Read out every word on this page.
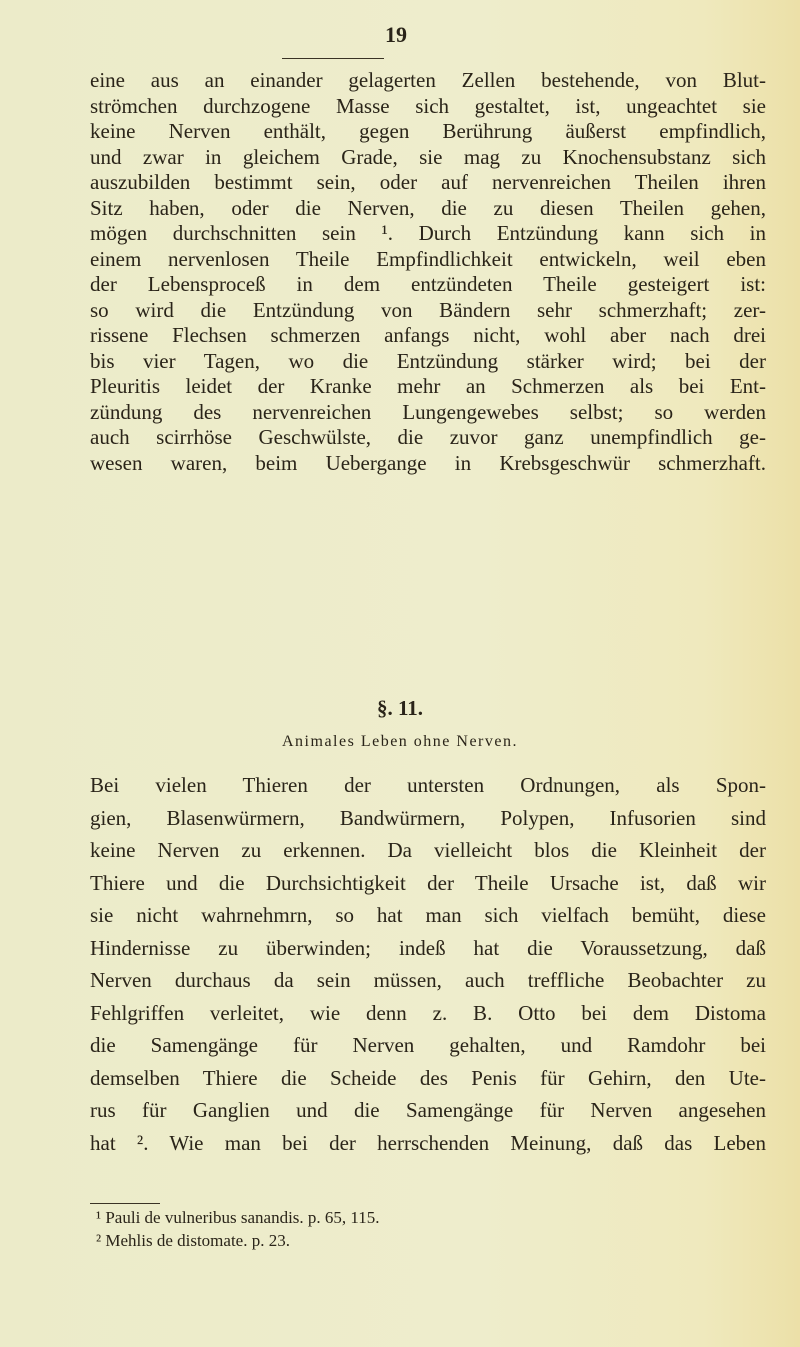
19
eine aus an einander gelagerten Zellen bestehende, von Blut-
strömchen durchzogene Masse sich gestaltet, ist, ungeachtet sie
keine Nerven enthält, gegen Berührung äußerst empfindlich,
und zwar in gleichem Grade, sie mag zu Knochensubstanz sich
auszubilden bestimmt sein, oder auf nervenreichen Theilen ihren
Sitz haben, oder die Nerven, die zu diesen Theilen gehen,
mögen durchschnitten sein ¹. Durch Entzündung kann sich in
einem nervenlosen Theile Empfindlichkeit entwickeln, weil eben
der Lebensproceß in dem entzündeten Theile gesteigert ist:
so wird die Entzündung von Bändern sehr schmerzhaft; zer-
rissene Flechsen schmerzen anfangs nicht, wohl aber nach drei
bis vier Tagen, wo die Entzündung stärker wird; bei der
Pleuritis leidet der Kranke mehr an Schmerzen als bei Ent-
zündung des nervenreichen Lungengewebes selbst; so werden
auch scirrhöse Geschwülste, die zuvor ganz unempfindlich ge-
wesen waren, beim Uebergange in Krebsgeschwür schmerzhaft.
§. 11.
Animales Leben ohne Nerven.
Bei vielen Thieren der untersten Ordnungen, als Spon-
gien, Blasenwürmern, Bandwürmern, Polypen, Infusorien sind
keine Nerven zu erkennen. Da vielleicht blos die Kleinheit der
Thiere und die Durchsichtigkeit der Theile Ursache ist, daß wir
sie nicht wahrnehmrn, so hat man sich vielfach bemüht, diese
Hindernisse zu überwinden; indeß hat die Voraussetzung, daß
Nerven durchaus da sein müssen, auch treffliche Beobachter zu
Fehlgriffen verleitet, wie denn z. B. Otto bei dem Distoma
die Samengänge für Nerven gehalten, und Ramdohr bei
demselben Thiere die Scheide des Penis für Gehirn, den Ute-
rus für Ganglien und die Samengänge für Nerven angesehen
hat ². Wie man bei der herrschenden Meinung, daß das Leben
¹ Pauli de vulneribus sanandis. p. 65, 115.
² Mehlis de distomate. p. 23.
